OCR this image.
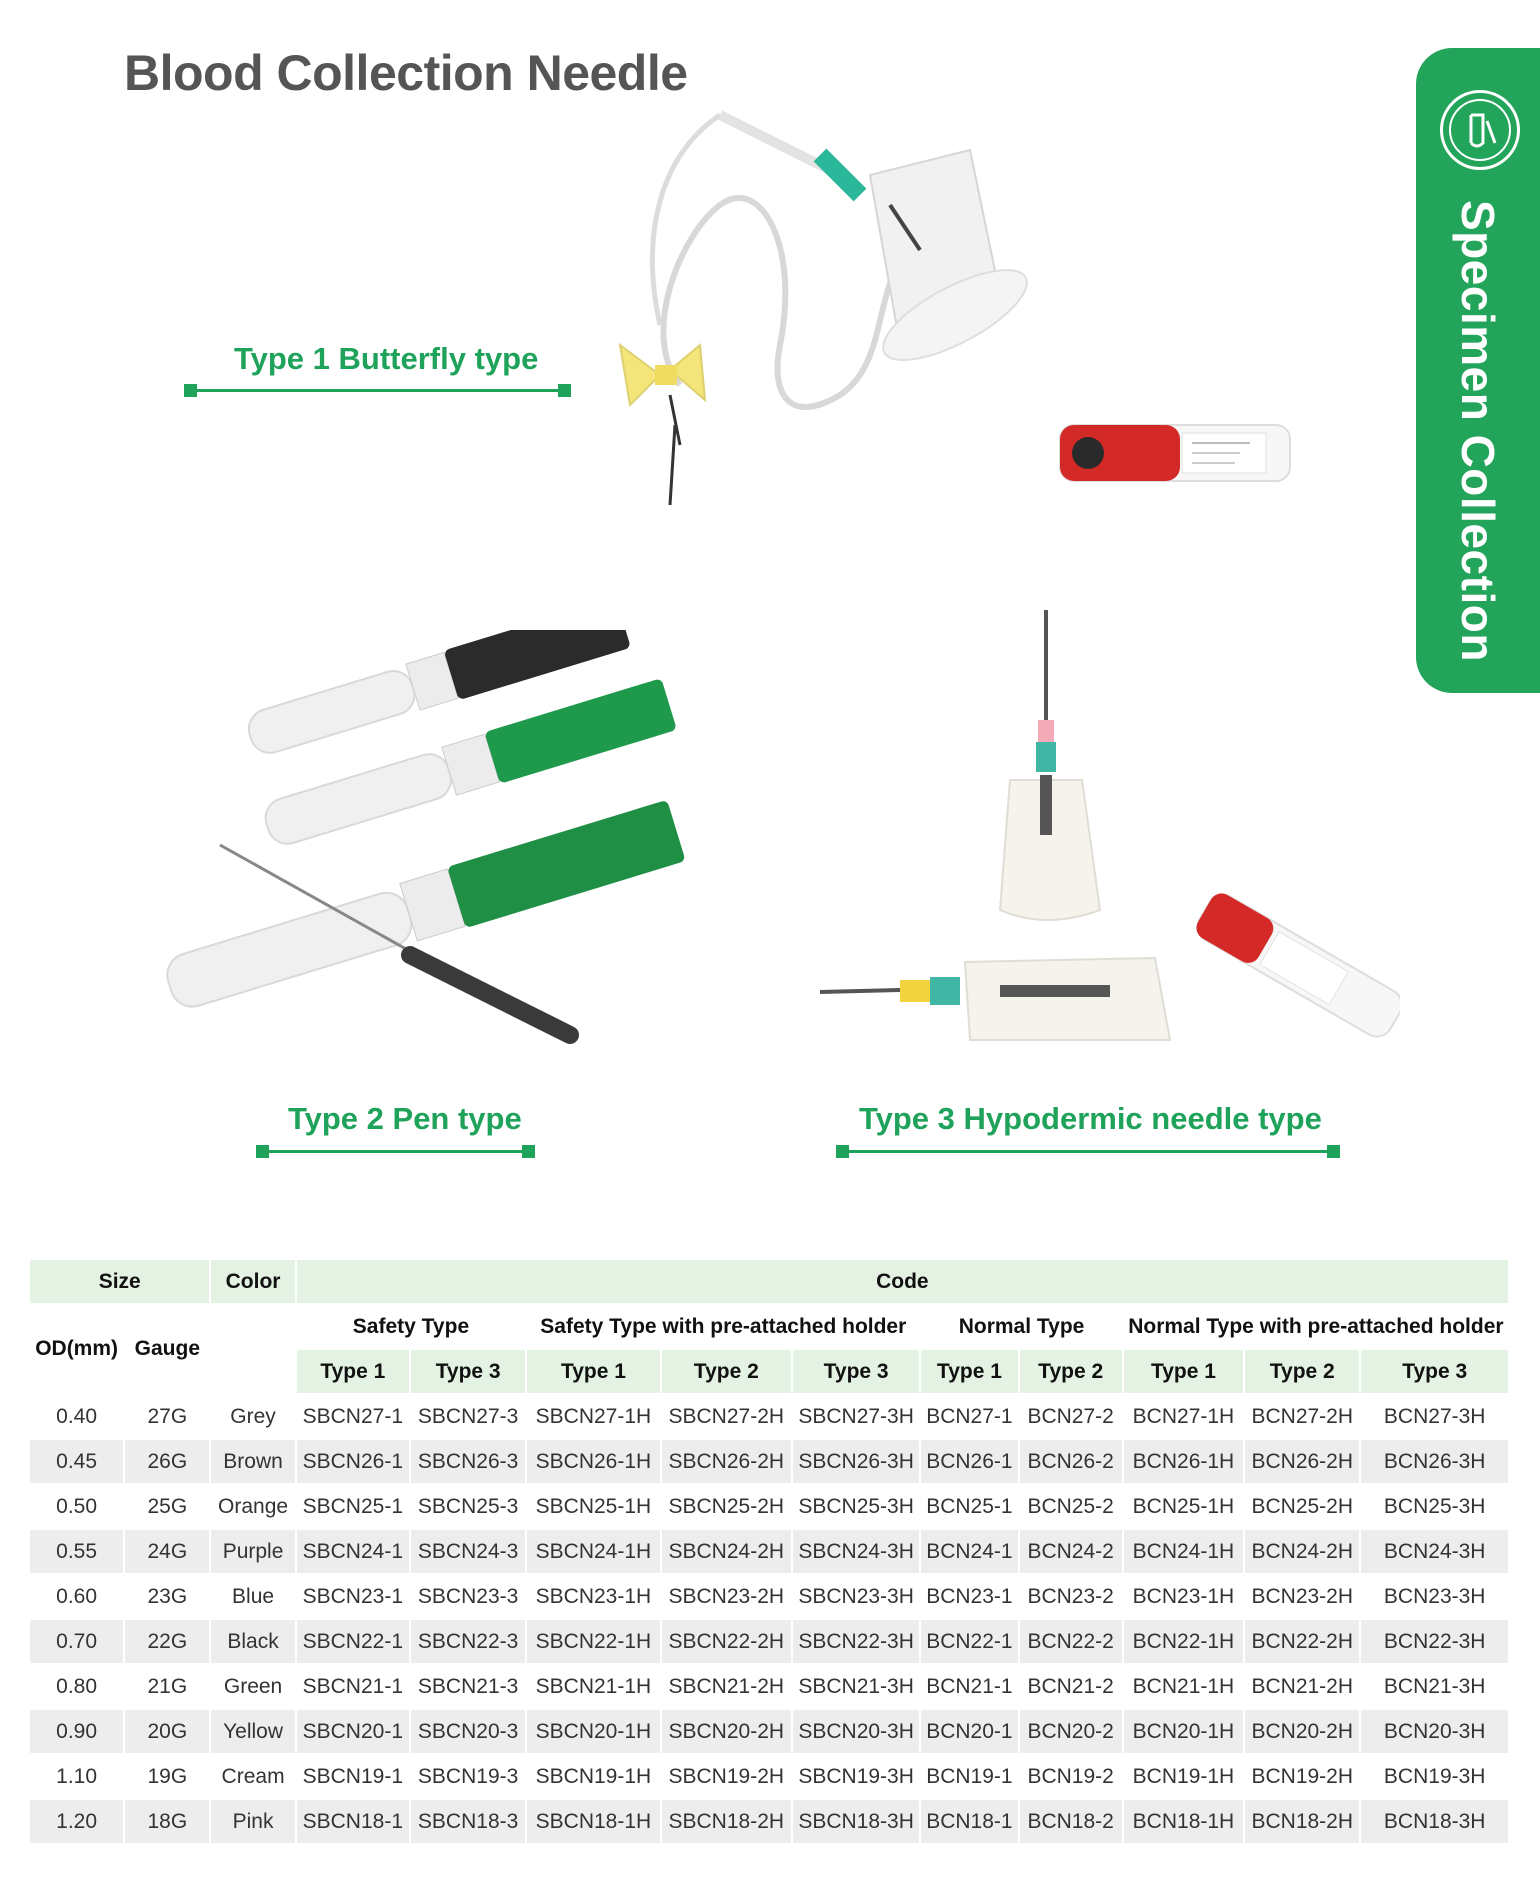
Blood Collection Needle
Specimen Collection
Type 1 Butterfly type
Type 2 Pen type	Type 3 Hypodermic needle type
Size		Color	Code									
OD(mm)	Gauge		Safety Type		Safety Type with pre-attached holder			Normal Type		Normal Type with pre-attached holder		
			Type 1	Type 3	Type 1	Type 2	Type 3	Type 1	Type 2	Type 1	Type 2	Type 3
0.40	27G	Grey	SBCN27-1	SBCN27-3	SBCN27-1H	SBCN27-2H	SBCN27-3H	BCN27-1	BCN27-2	BCN27-1H	BCN27-2H	BCN27-3H
0.45	26G	Brown	SBCN26-1	SBCN26-3	SBCN26-1H	SBCN26-2H	SBCN26-3H	BCN26-1	BCN26-2	BCN26-1H	BCN26-2H	BCN26-3H
0.50	25G	Orange	SBCN25-1	SBCN25-3	SBCN25-1H	SBCN25-2H	SBCN25-3H	BCN25-1	BCN25-2	BCN25-1H	BCN25-2H	BCN25-3H
0.55	24G	Purple	SBCN24-1	SBCN24-3	SBCN24-1H	SBCN24-2H	SBCN24-3H	BCN24-1	BCN24-2	BCN24-1H	BCN24-2H	BCN24-3H
0.60	23G	Blue	SBCN23-1	SBCN23-3	SBCN23-1H	SBCN23-2H	SBCN23-3H	BCN23-1	BCN23-2	BCN23-1H	BCN23-2H	BCN23-3H
0.70	22G	Black	SBCN22-1	SBCN22-3	SBCN22-1H	SBCN22-2H	SBCN22-3H	BCN22-1	BCN22-2	BCN22-1H	BCN22-2H	BCN22-3H
0.80	21G	Green	SBCN21-1	SBCN21-3	SBCN21-1H	SBCN21-2H	SBCN21-3H	BCN21-1	BCN21-2	BCN21-1H	BCN21-2H	BCN21-3H
0.90	20G	Yellow	SBCN20-1	SBCN20-3	SBCN20-1H	SBCN20-2H	SBCN20-3H	BCN20-1	BCN20-2	BCN20-1H	BCN20-2H	BCN20-3H
1.10	19G	Cream	SBCN19-1	SBCN19-3	SBCN19-1H	SBCN19-2H	SBCN19-3H	BCN19-1	BCN19-2	BCN19-1H	BCN19-2H	BCN19-3H
1.20	18G	Pink	SBCN18-1	SBCN18-3	SBCN18-1H	SBCN18-2H	SBCN18-3H	BCN18-1	BCN18-2	BCN18-1H	BCN18-2H	BCN18-3H
